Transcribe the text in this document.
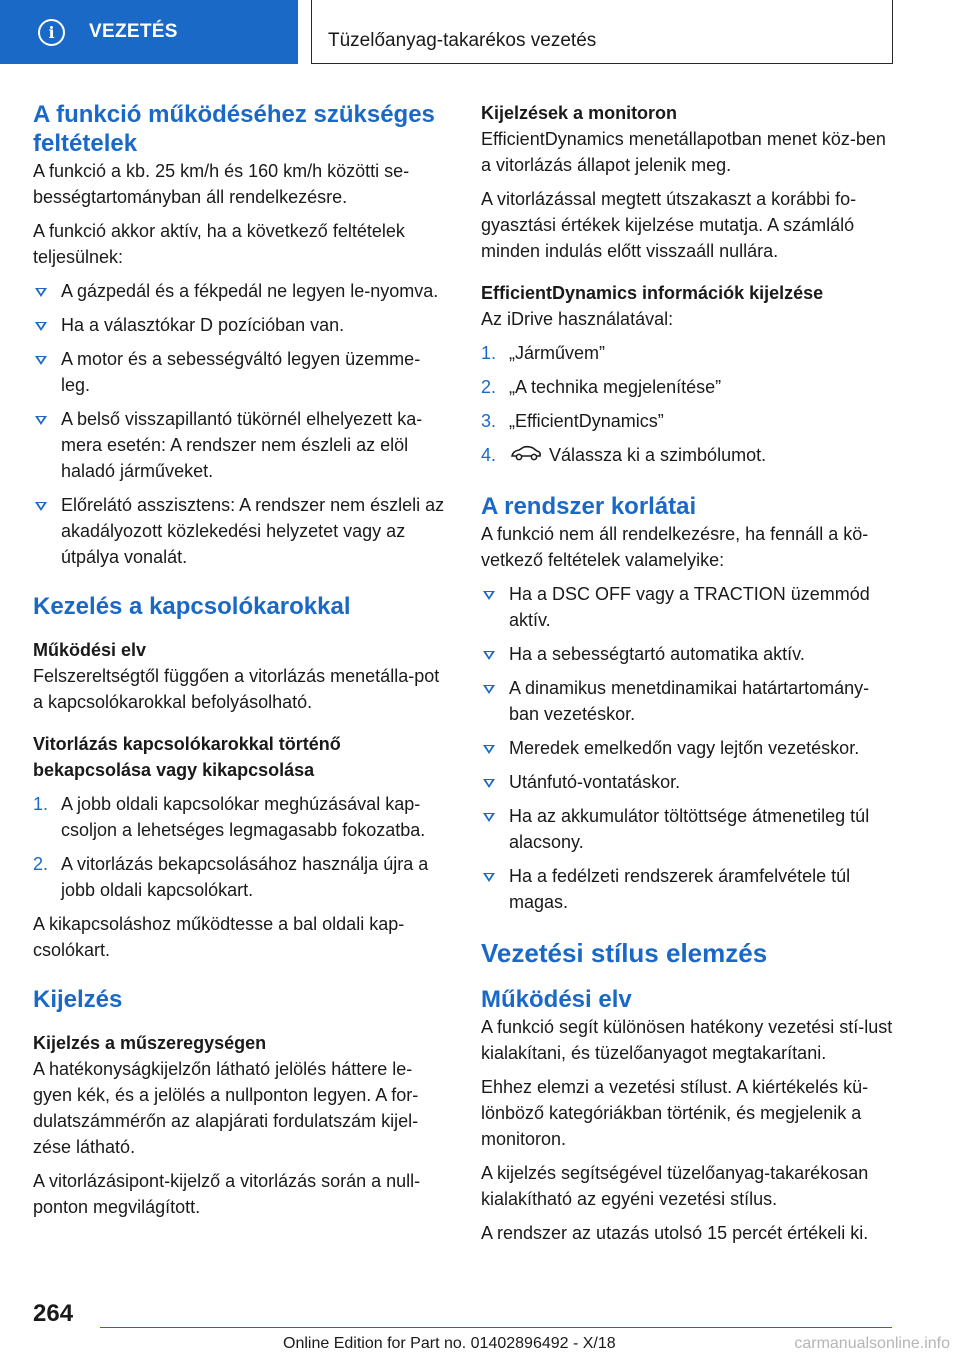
i	VEZETÉS	Tüzelőanyag-takarékos vezetés
A funkció működéséhez szükséges feltételek

A funkció a kb. 25 km/h és 160 km/h közötti se-bességtartományban áll rendelkezésre.

A funkció akkor aktív, ha a következő feltételek teljesülnek:

A gázpedál és a fékpedál ne legyen le-nyomva.
Ha a választókar D pozícióban van.
A motor és a sebességváltó legyen üzemme-leg.
A belső visszapillantó tükörnél elhelyezett ka-mera esetén: A rendszer nem észleli az elöl haladó járműveket.
Előrelátó asszisztens: A rendszer nem észleli az akadályozott közlekedési helyzetet vagy az útpálya vonalát.
Kezelés a kapcsolókarokkal
Működési elv

Felszereltségtől függően a vitorlázás menetálla-pot a kapcsolókarokkal befolyásolható.

Vitorlázás kapcsolókarokkal történő bekapcsolása vagy kikapcsolása
1. A jobb oldali kapcsolókar meghúzásával kap-csoljon a lehetséges legmagasabb fokozatba.
2. A vitorlázás bekapcsolásához használja újra a jobb oldali kapcsolókart.

A kikapcsoláshoz működtesse a bal oldali kap-csolókart.

Kijelzés
Kijelzés a műszeregységen

A hatékonyságkijelzőn látható jelölés háttere le-gyen kék, és a jelölés a nullponton legyen. A for-dulatszámmérőn az alapjárati fordulatszám kijel-zése látható.

A vitorlázásipont-kijelző a vitorlázás során a null-ponton megvilágított.

Kijelzések a monitoron

EfficientDynamics menetállapotban menet köz-ben a vitorlázás állapot jelenik meg.

A vitorlázással megtett útszakaszt a korábbi fo-gyasztási értékek kijelzése mutatja. A számláló minden indulás előtt visszaáll nullára.

EfficientDynamics információk kijelzése

Az iDrive használatával:

1. „Járművem”
2. „A technika megjelenítése”
3. „EfficientDynamics”
4.	Válassza ki a szimbólumot.
A rendszer korlátai

A funkció nem áll rendelkezésre, ha fennáll a kö-vetkező feltételek valamelyike:

Ha a DSC OFF vagy a TRACTION üzemmód aktív.
Ha a sebességtartó automatika aktív.
A dinamikus menetdinamikai határtartomány-ban vezetéskor.
Meredek emelkedőn vagy lejtőn vezetéskor.
Utánfutó-vontatáskor.
Ha az akkumulátor töltöttsége átmenetileg túl alacsony.
Ha a fedélzeti rendszerek áramfelvétele túl magas.
Vezetési stílus elemzés
Működési elv

A funkció segít különösen hatékony vezetési stí-lust kialakítani, és tüzelőanyagot megtakarítani.

Ehhez elemzi a vezetési stílust. A kiértékelés kü-lönböző kategóriákban történik, és megjelenik a monitoron.

A kijelzés segítségével tüzelőanyag-takarékosan kialakítható az egyéni vezetési stílus.

A rendszer az utazás utolsó 15 percét értékeli ki.

264
Online Edition for Part no. 01402896492 - X/18	carmanualsonline.info
